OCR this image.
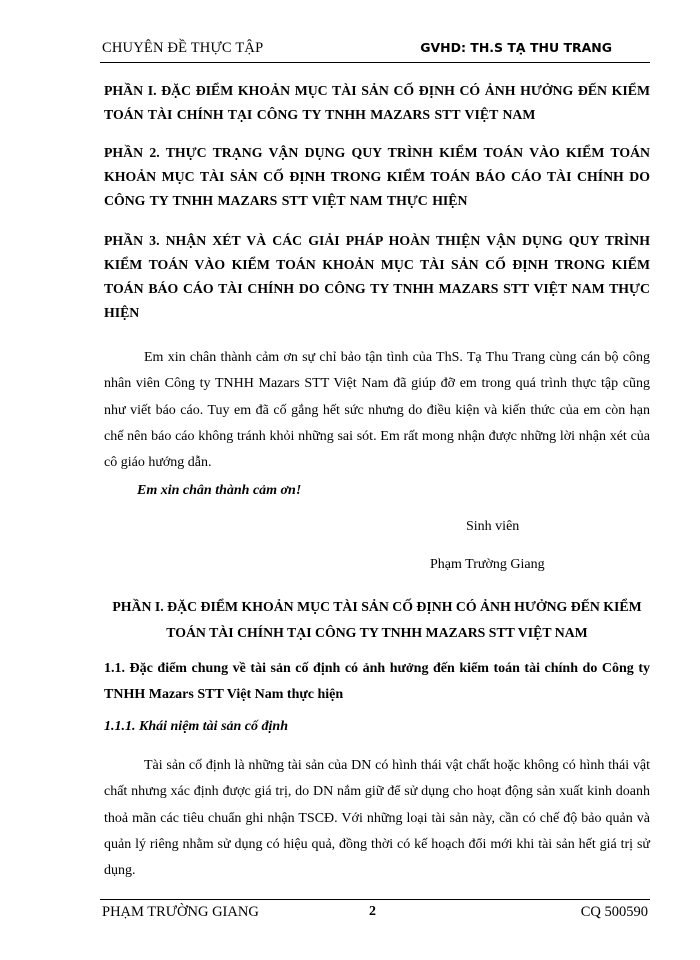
CHUYÊN ĐỀ THỰC TẬP	GVHD: TH.S TẠ THU TRANG
PHẦN I. ĐẶC ĐIỂM KHOẢN MỤC TÀI SẢN CỐ ĐỊNH CÓ ẢNH HƯỞNG ĐẾN KIỂM TOÁN TÀI CHÍNH TẠI CÔNG TY TNHH MAZARS STT VIỆT NAM
PHẦN 2. THỰC TRẠNG VẬN DỤNG QUY TRÌNH KIỂM TOÁN VÀO KIỂM TOÁN KHOẢN MỤC TÀI SẢN CỐ ĐỊNH TRONG KIỂM TOÁN BÁO CÁO TÀI CHÍNH DO CÔNG TY TNHH MAZARS STT VIỆT NAM THỰC HIỆN
PHẦN 3. NHẬN XÉT VÀ CÁC GIẢI PHÁP HOÀN THIỆN VẬN DỤNG QUY TRÌNH KIỂM TOÁN VÀO KIỂM TOÁN KHOẢN MỤC TÀI SẢN CỐ ĐỊNH TRONG KIỂM TOÁN BÁO CÁO TÀI CHÍNH DO CÔNG TY TNHH MAZARS STT VIỆT NAM THỰC HIỆN
Em xin chân thành cảm ơn sự chỉ bảo tận tình của ThS. Tạ Thu Trang cùng cán bộ công nhân viên Công ty TNHH Mazars STT Việt Nam đã giúp đỡ em trong quá trình thực tập cũng như viết báo cáo. Tuy em đã cố gắng hết sức nhưng do điều kiện và kiến thức của em còn hạn chế nên báo cáo không tránh khỏi những sai sót. Em rất mong nhận được những lời nhận xét của cô giáo hướng dẫn.
Em xin chân thành cảm ơn!
Sinh viên
Phạm Trường Giang
PHẦN I. ĐẶC ĐIỂM KHOẢN MỤC TÀI SẢN CỐ ĐỊNH CÓ ẢNH HƯỞNG ĐẾN KIỂM TOÁN TÀI CHÍNH TẠI CÔNG TY TNHH MAZARS STT VIỆT NAM
1.1. Đặc điểm chung về tài sản cố định có ảnh hưởng đến kiểm toán tài chính do Công ty TNHH Mazars STT Việt Nam thực hiện
1.1.1. Khái niệm tài sản cố định
Tài sản cố định là những tài sản của DN có hình thái vật chất hoặc không có hình thái vật chất nhưng xác định được giá trị, do DN nắm giữ để sử dụng cho hoạt động sản xuất kinh doanh thoả mãn các tiêu chuẩn ghi nhận TSCĐ. Với những loại tài sản này, cần có chế độ bảo quản và quản lý riêng nhằm sử dụng có hiệu quả, đồng thời có kế hoạch đổi mới khi tài sản hết giá trị sử dụng.
PHẠM TRƯỜNG GIANG	2	CQ 500590
